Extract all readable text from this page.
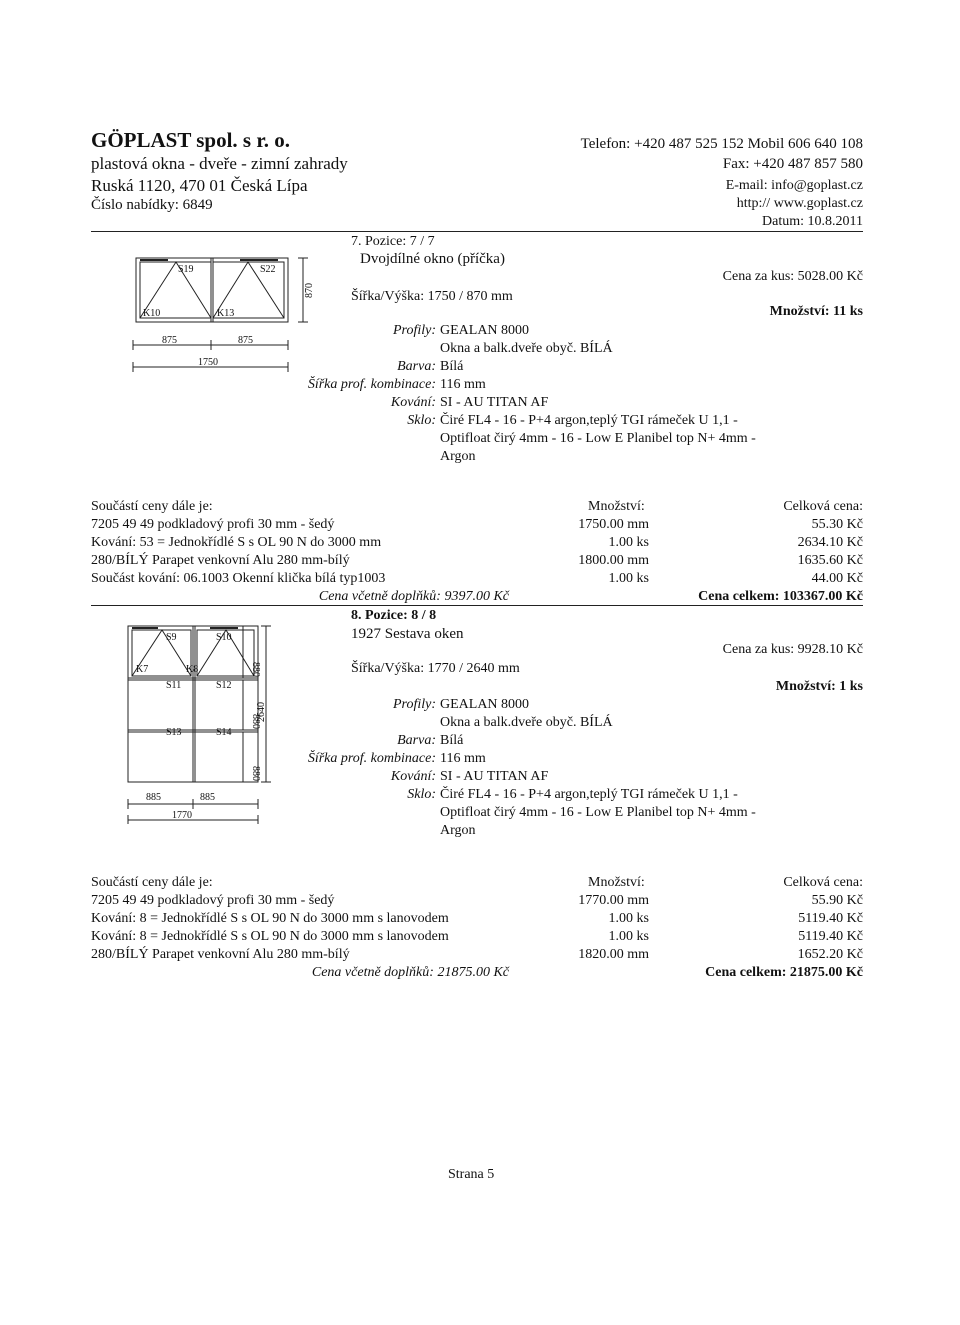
GÖPLAST spol. s r. o.
plastová okna - dveře - zimní zahrady
Ruská 1120, 470 01 Česká Lípa
Číslo nabídky: 6849
Telefon: +420 487 525 152 Mobil 606 640 108
Fax: +420 487 857 580
E-mail: info@goplast.cz
http:// www.goplast.cz
Datum: 10.8.2011
S19	S22
K10	K13
870
875	875
1750
7. Pozice: 7 / 7
Dvojdílné okno (příčka)
Šířka/Výška: 1750 / 870 mm
Cena za kus: 5028.00 Kč
Množství: 11 ks
Profily: GEALAN 8000
Okna a balk.dveře obyč. BÍLÁ
Barva: Bílá
Šířka prof. kombinace: 116 mm
Kování: SI - AU TITAN AF
Sklo: Čiré FL4 - 16 - P+4 argon,teplý TGI rámeček U 1,1 -
Optifloat čirý 4mm - 16 - Low E Planibel top N+ 4mm -
Argon
Součástí ceny dále je:	Množství:	Celková cena:
7205 49 49 podkladový profi 30 mm - šedý	1750.00 mm	55.30 Kč
Kování: 53 = Jednokřídlé S s OL 90 N do 3000 mm	1.00 ks	2634.10 Kč
280/BÍLÝ Parapet venkovní Alu 280 mm-bílý	1800.00 mm	1635.60 Kč
Součást kování: 06.1003 Okenní klička bílá typ1003	1.00 ks	44.00 Kč
Cena včetně doplňků: 9397.00 Kč	Cena celkem: 103367.00 Kč
S9	S10
K7	K8
S11	S12
S13	S14
880
880
2640
880
885	885
1770
8. Pozice: 8 / 8
1927 Sestava oken
Šířka/Výška: 1770 / 2640 mm
Cena za kus: 9928.10 Kč
Množství: 1 ks
Profily: GEALAN 8000
Okna a balk.dveře obyč. BÍLÁ
Barva: Bílá
Šířka prof. kombinace: 116 mm
Kování: SI - AU TITAN AF
Sklo: Čiré FL4 - 16 - P+4 argon,teplý TGI rámeček U 1,1 -
Optifloat čirý 4mm - 16 - Low E Planibel top N+ 4mm -
Argon
Součástí ceny dále je:	Množství:	Celková cena:
7205 49 49 podkladový profi 30 mm - šedý	1770.00 mm	55.90 Kč
Kování: 8 = Jednokřídlé S s OL 90 N do 3000 mm s lanovodem	1.00 ks	5119.40 Kč
Kování: 8 = Jednokřídlé S s OL 90 N do 3000 mm s lanovodem	1.00 ks	5119.40 Kč
280/BÍLÝ Parapet venkovní Alu 280 mm-bílý	1820.00 mm	1652.20 Kč
Cena včetně doplňků: 21875.00 Kč	Cena celkem: 21875.00 Kč
Strana 5
